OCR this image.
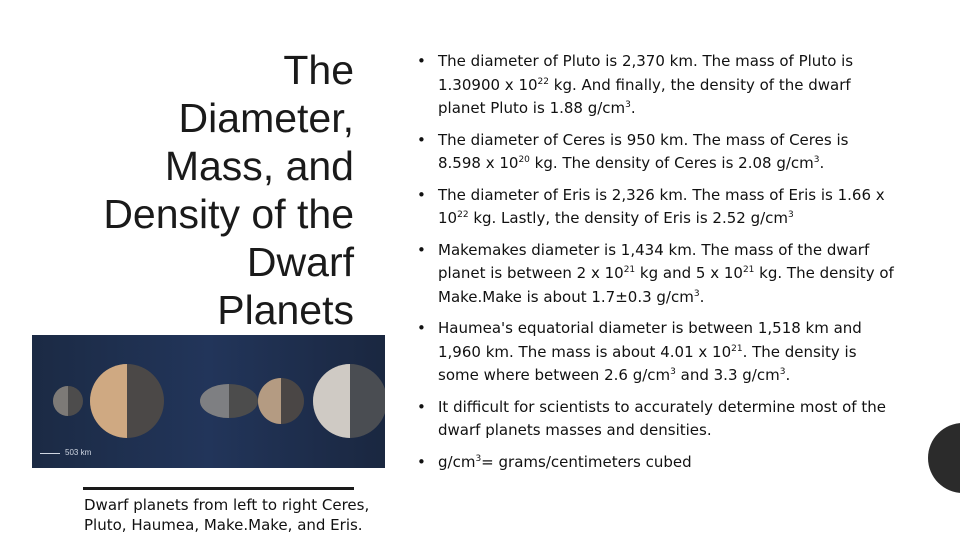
The
Diameter,
Mass, and
Density of the
Dwarf
Planets
503 km
Dwarf planets from left to right Ceres, Pluto, Haumea, Make.Make, and Eris.
• The diameter of Pluto is 2,370 km. The mass of Pluto is 1.30900 x $10^{22}$ kg. And finally, the density of the dwarf planet Pluto is 1.88 $g/cm^3$.
• The diameter of Ceres is 950 km. The mass of Ceres is 8.598 x $10^{20}$ kg. The density of Ceres is 2.08 $g/cm^3$.
• The diameter of Eris is 2,326 km. The mass of Eris is 1.66 x $10^{22}$ kg. Lastly, the density of Eris is 2.52 $g/cm^3$
• Makemakes diameter is 1,434 km. The mass of the dwarf planet is between 2 x $10^{21}$ kg and 5 x $10^{21}$ kg. The density of Make.Make is about 1.7±0.3 $g/cm^3$.
• Haumea's equatorial diameter is between 1,518 km and 1,960 km. The mass is about 4.01 x $10^{21}$. The density is some where between 2.6 $g/cm^3$ and 3.3 $g/cm^3$.
• It difficult for scientists to accurately determine most of the dwarf planets masses and densities.
• $g/cm^3=$ grams/centimeters cubed
